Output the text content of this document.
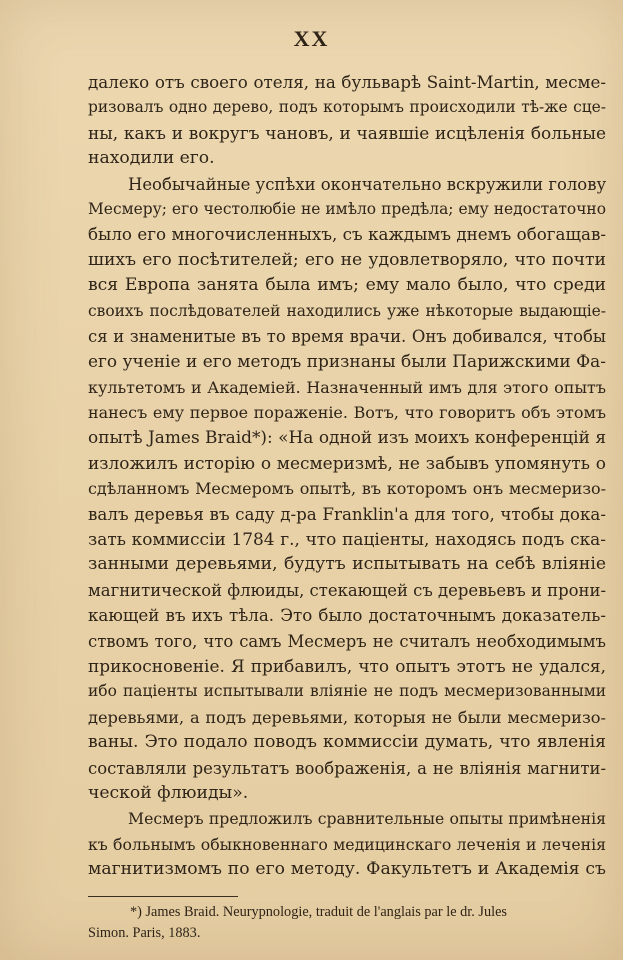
XX
далеко отъ своего отеля, на бульварѣ Saint-Martin, месме-
ризовалъ одно дерево, подъ которымъ происходили тѣ-же сце-
ны, какъ и вокругъ чановъ, и чаявшіе исцѣленія больные
находили его.
Необычайные успѣхи окончательно вскружили голову
Месмеру; его честолюбіе не имѣло предѣла; ему недостаточно
было его многочисленныхъ, съ каждымъ днемъ обогащав-
шихъ его посѣтителей; его не удовлетворяло, что почти
вся Европа занята была имъ; ему мало было, что среди
своихъ послѣдователей находились уже нѣкоторые выдающіе-
ся и знаменитые въ то время врачи. Онъ добивался, чтобы
его ученіе и его методъ признаны были Парижскими Фа-
культетомъ и Академіей. Назначенный имъ для этого опытъ
нанесъ ему первое пораженіе. Вотъ, что говоритъ объ этомъ
опытѣ James Braid*): «На одной изъ моихъ конференцій я
изложилъ исторію о месмеризмѣ, не забывъ упомянуть о
сдѣланномъ Месмеромъ опытѣ, въ которомъ онъ месмеризо-
валъ деревья въ саду д-ра Franklin'а для того, чтобы дока-
зать коммиссіи 1784 г., что паціенты, находясь подъ ска-
занными деревьями, будутъ испытывать на себѣ вліяніе
магнитической флюиды, стекающей съ деревьевъ и прони-
кающей въ ихъ тѣла. Это было достаточнымъ доказатель-
ствомъ того, что самъ Месмеръ не считалъ необходимымъ
прикосновеніе. Я прибавилъ, что опытъ этотъ не удался,
ибо паціенты испытывали вліяніе не подъ месмеризованными
деревьями, а подъ деревьями, которыя не были месмеризо-
ваны. Это подало поводъ коммиссіи думать, что явленія
составляли результатъ воображенія, а не вліянія магнити-
ческой флюиды».
Месмеръ предложилъ сравнительные опыты примѣненія
къ больнымъ обыкновеннаго медицинскаго леченія и леченія
магнитизмомъ по его методу. Факультетъ и Академія съ
*) James Braid. Neurypnologie, traduit de l'anglais par le dr. Jules
Simon. Paris, 1883.
